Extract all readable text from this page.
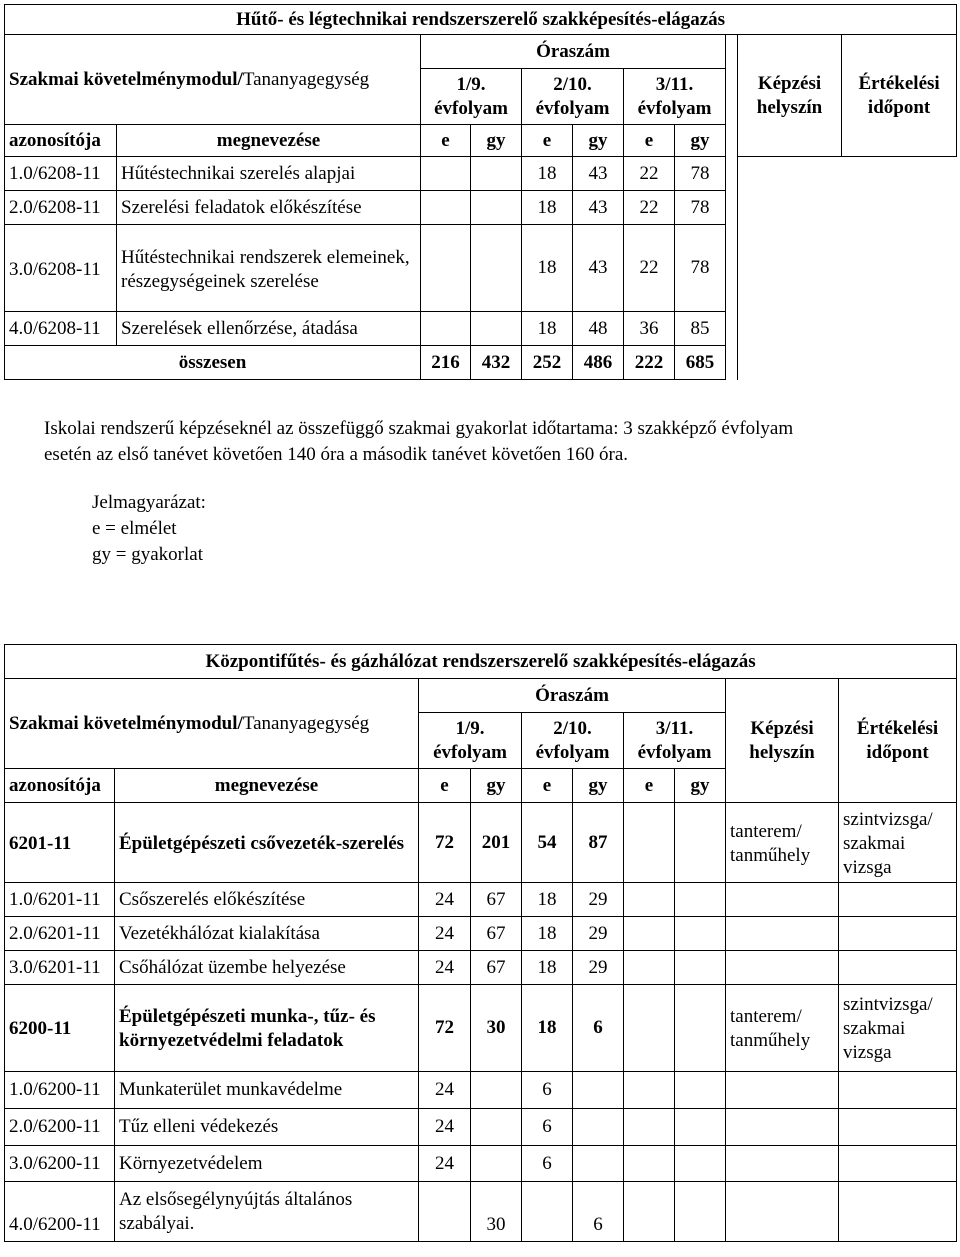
Hűtő- és légtechnikai rendszerszerelő szakképesítés-elágazás										
Szakmai követelménymodul/Tananyagegység		Óraszám							Képzési
helyszín	Értékelési
időpont
		1/9.
évfolyam		2/10.
évfolyam		3/11.
évfolyam				
azonosítója	megnevezése	e	gy	e	gy	e	gy			
1.0/6208-11	Hűtéstechnikai szerelés alapjai			18	43	22	78			
2.0/6208-11	Szerelési feladatok előkészítése			18	43	22	78			
3.0/6208-11	Hűtéstechnikai rendszerek elemeinek, részegységeinek szerelése			18	43	22	78			
4.0/6208-11	Szerelések ellenőrzése, átadása			18	48	36	85			
összesen		216	432	252	486	222	685			
Iskolai rendszerű képzéseknél az összefüggő szakmai gyakorlat időtartama: 3 szakképző évfolyam
esetén az első tanévet követően 140 óra a második tanévet követően 160 óra.
Jelmagyarázat:
e = elmélet
gy = gyakorlat
Központifűtés- és gázhálózat rendszerszerelő szakképesítés-elágazás									
Szakmai követelménymodul/Tananyagegység		Óraszám						Képzési
helyszín	Értékelési
időpont
		1/9.
évfolyam		2/10.
évfolyam		3/11.
évfolyam			
azonosítója	megnevezése	e	gy	e	gy	e	gy		
6201-11	Épületgépészeti csővezeték-szerelés	72	201	54	87			tanterem/ tanműhely	szintvizsga/ szakmai vizsga
1.0/6201-11	Csőszerelés előkészítése	24	67	18	29				
2.0/6201-11	Vezetékhálózat kialakítása	24	67	18	29				
3.0/6201-11	Csőhálózat üzembe helyezése	24	67	18	29				
6200-11	Épületgépészeti munka-, tűz- és környezetvédelmi feladatok	72	30	18	6			tanterem/ tanműhely	szintvizsga/ szakmai vizsga
1.0/6200-11	Munkaterület munkavédelme	24		6					
2.0/6200-11	Tűz elleni védekezés	24		6					
3.0/6200-11	Környezetvédelem	24		6					
4.0/6200-11	Az elsősegélynyújtás általános szabályai.		30		6				
